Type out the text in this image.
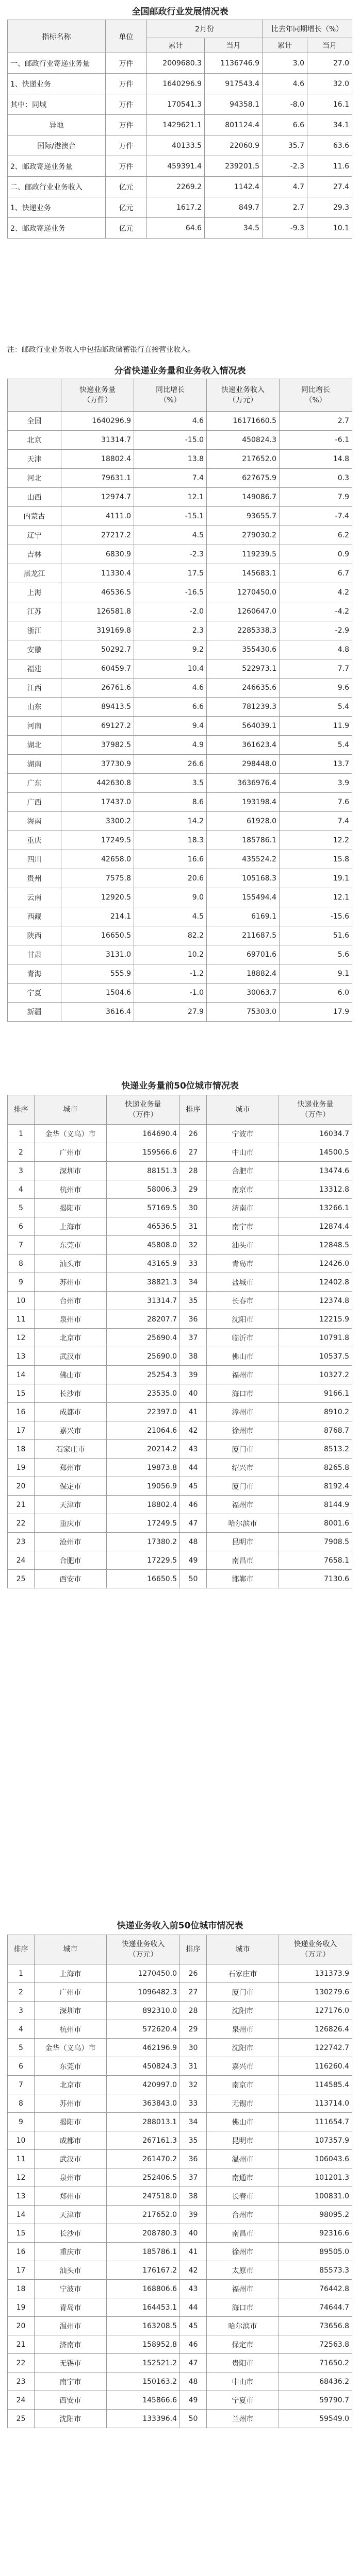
全国邮政行业发展情况表
指标名称	单位	2月份		比去年同期增长（%）	
		累计	当月	累计	当月
一、邮政行业寄递业务量	万件	2009680.3	1136746.9	3.0	27.0
1、快递业务	万件	1640296.9	917543.4	4.6	32.0
其中：同城	万件	170541.3	94358.1	-8.0	16.1
异地	万件	1429621.1	801124.4	6.6	34.1
国际/港澳台	万件	40133.5	22060.9	35.7	63.6
2、邮政寄递业务量	万件	459391.4	239201.5	-2.3	11.6
二、邮政行业业务收入	亿元	2269.2	1142.4	4.7	27.4
1、快递业务	亿元	1617.2	849.7	2.7	29.3
2、邮政寄递业务	亿元	64.6	34.5	-9.3	10.1
注：邮政行业业务收入中包括邮政储蓄银行直接营业收入。
分省快递业务量和业务收入情况表
	快递业务量
（万件）	同比增长
（%）	快递业务收入
（万元）	同比增长
（%）
全国	1640296.9	4.6	16171660.5	2.7
北京	31314.7	-15.0	450824.3	-6.1
天津	18802.4	13.8	217652.0	14.8
河北	79631.1	7.4	627675.9	0.3
山西	12974.7	12.1	149086.7	7.9
内蒙古	4111.0	-15.1	93655.7	-7.4
辽宁	27217.2	4.5	279030.2	6.2
吉林	6830.9	-2.3	119239.5	0.9
黑龙江	11330.4	17.5	145683.1	6.7
上海	46536.5	-16.5	1270450.0	4.2
江苏	126581.8	-2.0	1260647.0	-4.2
浙江	319169.8	2.3	2285338.3	-2.9
安徽	50292.7	9.2	355430.6	4.8
福建	60459.7	10.4	522973.1	7.7
江西	26761.6	4.6	246635.6	9.6
山东	89413.5	6.6	781239.3	5.4
河南	69127.2	9.4	564039.1	11.9
湖北	37982.5	4.9	361623.4	5.4
湖南	37730.9	26.6	298448.0	13.7
广东	442630.8	3.5	3636976.4	3.9
广西	17437.0	8.6	193198.4	7.6
海南	3300.2	14.2	61928.0	7.4
重庆	17249.5	18.3	185786.1	12.2
四川	42658.0	16.6	435524.2	15.8
贵州	7575.8	20.6	105168.3	19.1
云南	12920.5	9.0	155494.4	12.1
西藏	214.1	4.5	6169.1	-15.6
陕西	16650.5	82.2	211687.5	51.6
甘肃	3131.0	10.2	69701.6	5.6
青海	555.9	-1.2	18882.4	9.1
宁夏	1504.6	-1.0	30063.7	6.0
新疆	3616.4	27.9	75303.0	17.9
快递业务量前50位城市情况表
排序	城市	快递业务量
（万件）	排序	城市	快递业务量
（万件）
1	金华（义乌）市	164690.4	26	宁波市	16034.7
2	广州市	159566.6	27	中山市	14500.5
3	深圳市	88151.3	28	合肥市	13474.6
4	杭州市	58006.3	29	南京市	13312.8
5	揭阳市	57169.5	30	济南市	13266.1
6	上海市	46536.5	31	南宁市	12874.4
7	东莞市	45808.0	32	汕头市	12848.5
8	汕头市	43165.9	33	青岛市	12426.0
9	苏州市	38821.3	34	盐城市	12402.8
10	台州市	31314.7	35	长春市	12374.8
11	泉州市	28207.7	36	沈阳市	12215.9
12	北京市	25690.4	37	临沂市	10791.8
13	武汉市	25690.0	38	佛山市	10537.5
14	佛山市	25254.3	39	福州市	10327.2
15	长沙市	23535.0	40	海口市	9166.1
16	成都市	22397.0	41	漳州市	8910.2
17	嘉兴市	21064.6	42	徐州市	8768.7
18	石家庄市	20214.2	43	厦门市	8513.2
19	郑州市	19873.8	44	绍兴市	8265.8
20	保定市	19056.9	45	厦门市	8192.4
21	天津市	18802.4	46	福州市	8144.9
22	重庆市	17249.5	47	哈尔滨市	8001.6
23	沧州市	17380.2	48	昆明市	7908.5
24	合肥市	17229.5	49	南昌市	7658.1
25	西安市	16650.5	50	邯郸市	7130.6
快递业务收入前50位城市情况表
排序	城市	快递业务收入
（万元）	排序	城市	快递业务收入
（万元）
1	上海市	1270450.0	26	石家庄市	131373.9
2	广州市	1096482.3	27	厦门市	130279.6
3	深圳市	892310.0	28	沈阳市	127176.0
4	杭州市	572620.4	29	泉州市	126826.4
5	金华（义乌）市	462196.9	30	沈阳市	122742.7
6	东莞市	450824.3	31	嘉兴市	116260.4
7	北京市	420997.0	32	南京市	114585.4
8	苏州市	363843.0	33	无锡市	113714.0
9	揭阳市	288013.1	34	佛山市	111654.7
10	成都市	267161.3	35	昆明市	107357.9
11	武汉市	261470.2	36	温州市	106043.6
12	泉州市	252406.5	37	南通市	101201.3
13	郑州市	247518.0	38	长春市	100831.0
14	天津市	217652.0	39	台州市	98095.2
15	长沙市	208780.3	40	南昌市	92316.6
16	重庆市	185786.1	41	徐州市	89505.0
17	汕头市	176167.2	42	太原市	85573.3
18	宁波市	168806.6	43	福州市	76442.8
19	青岛市	164453.1	44	海口市	74644.7
20	温州市	163208.5	45	哈尔滨市	73656.8
21	济南市	158952.8	46	保定市	72563.8
22	无锡市	152521.2	47	贵阳市	71650.2
23	南宁市	150163.2	48	中山市	68436.2
24	西安市	145866.6	49	宁夏市	59790.7
25	沈阳市	133396.4	50	兰州市	59549.0
